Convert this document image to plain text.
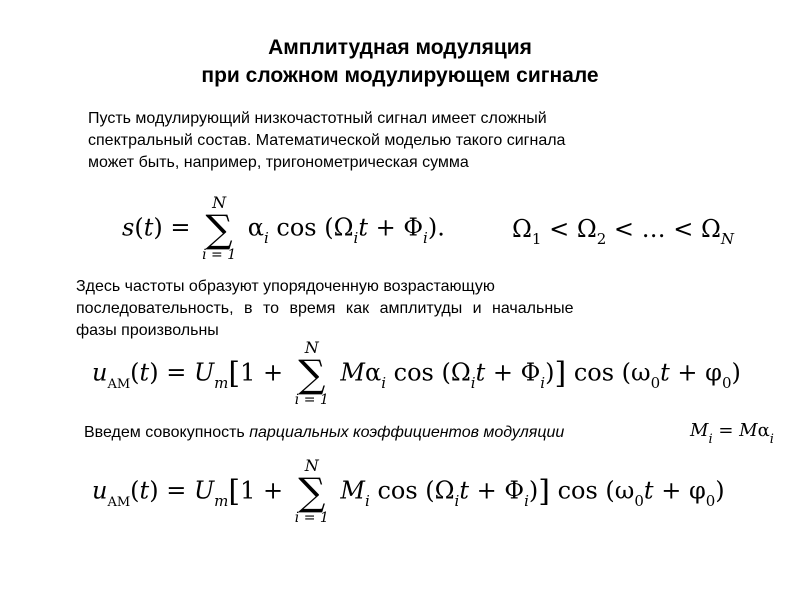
Амплитудная модуляция
при сложном модулирующем сигнале
Пусть модулирующий низкочастотный сигнал имеет сложный
спектральный состав. Математической моделью такого сигнала
может быть, например, тригонометрическая сумма
s(t) =
N
∑
i = 1
$\alpha_i$ $\cos (\Omega_it + \Phi_i)$.	$\Omega_1 < \Omega_2$ < … < $\Omega_N$
Здесь частоты образуют упорядоченную возрастающую
последовательность, в то время как амплитуды и начальные
фазы произвольны
$u_{AM}(t) = U_m[1$ +
N
∑
i = 1
$M\alpha_i$ $\cos (\Omega_it + \Phi_i)$] $\cos (\omega_0t + \varphi_0)$
Введем совокупность парциальных коэффициентов модуляции	$M_i = M\alpha_i$
$u_{AM}(t) = U_m[1$ +
N
∑
i = 1
$M_i$ $\cos (\Omega_it + \Phi_i)$] $\cos (\omega_0t + \varphi_0)$
